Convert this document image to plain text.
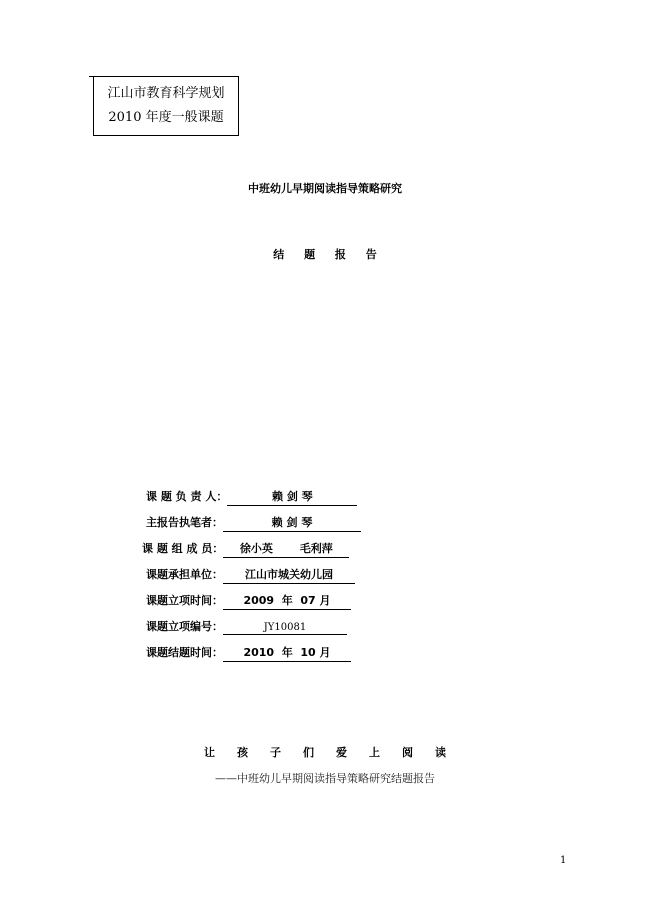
江山市教育科学规划
2010 年度一般课题
中班幼儿早期阅读指导策略研究
结 题 报 告
课 题 负 责 人：	赖 剑 琴
主报告执笔者：	赖 剑 琴
课 题 组 成 员：	徐小英       毛利萍
课题承担单位：	江山市城关幼儿园
课题立项时间：	2009  年  07 月
课题立项编号：	JY10081
课题结题时间：	2010  年  10 月
让孩子们爱上阅读
——中班幼儿早期阅读指导策略研究结题报告
1
